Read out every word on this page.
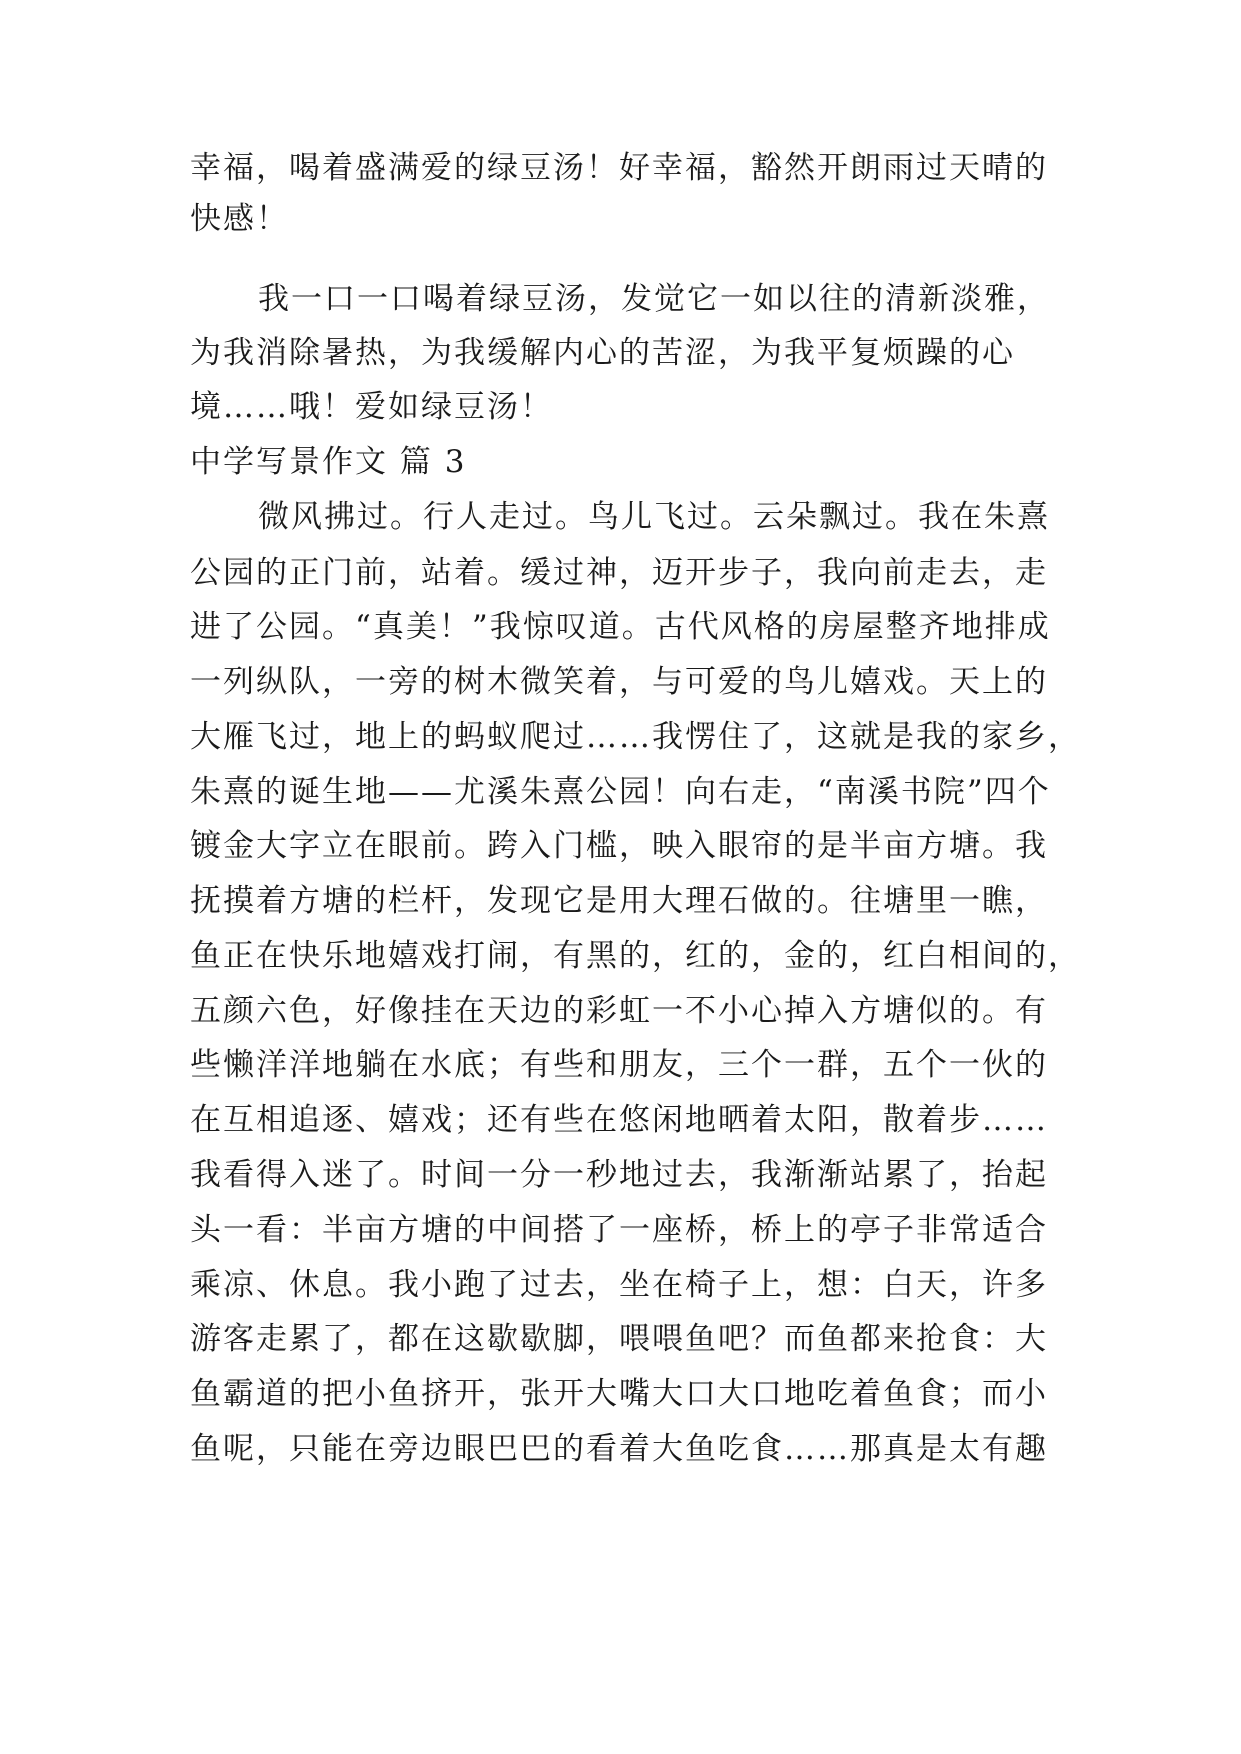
幸福，喝着盛满爱的绿豆汤！好幸福，豁然开朗雨过天晴的
快感！
我一口一口喝着绿豆汤，发觉它一如以往的清新淡雅，
为我消除暑热，为我缓解内心的苦涩，为我平复烦躁的心
境……哦！爱如绿豆汤！
中学写景作文 篇 3
微风拂过。行人走过。鸟儿飞过。云朵飘过。我在朱熹
公园的正门前，站着。缓过神，迈开步子，我向前走去，走
进了公园。“真美！”我惊叹道。古代风格的房屋整齐地排成
一列纵队，一旁的树木微笑着，与可爱的鸟儿嬉戏。天上的
大雁飞过，地上的蚂蚁爬过……我愣住了，这就是我的家乡，
朱熹的诞生地——尤溪朱熹公园！向右走，“南溪书院”四个
镀金大字立在眼前。跨入门槛，映入眼帘的是半亩方塘。我
抚摸着方塘的栏杆，发现它是用大理石做的。往塘里一瞧，
鱼正在快乐地嬉戏打闹，有黑的，红的，金的，红白相间的，
五颜六色，好像挂在天边的彩虹一不小心掉入方塘似的。有
些懒洋洋地躺在水底；有些和朋友，三个一群，五个一伙的
在互相追逐、嬉戏；还有些在悠闲地晒着太阳，散着步……
我看得入迷了。时间一分一秒地过去，我渐渐站累了，抬起
头一看：半亩方塘的中间搭了一座桥，桥上的亭子非常适合
乘凉、休息。我小跑了过去，坐在椅子上，想：白天，许多
游客走累了，都在这歇歇脚，喂喂鱼吧？而鱼都来抢食：大
鱼霸道的把小鱼挤开，张开大嘴大口大口地吃着鱼食；而小
鱼呢，只能在旁边眼巴巴的看着大鱼吃食……那真是太有趣
